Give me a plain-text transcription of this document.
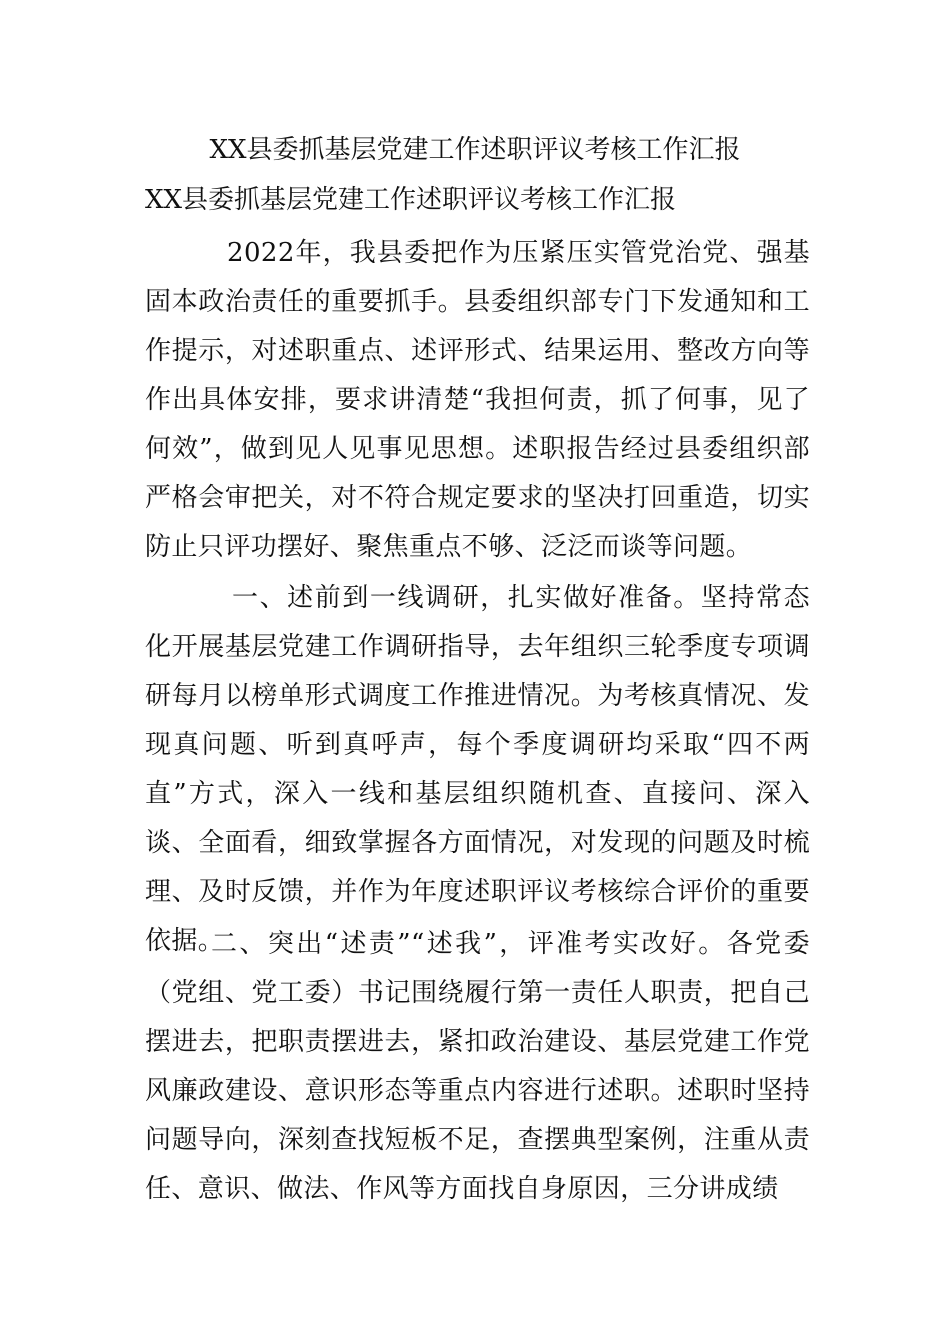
XX县委抓基层党建工作述职评议考核工作汇报
XX县委抓基层党建工作述职评议考核工作汇报

2022年，我县委把作为压紧压实管党治党、强基固本政治责任的重要抓手。县委组织部专门下发通知和工作提示，对述职重点、述评形式、结果运用、整改方向等作出具体安排，要求讲清楚“我担何责，抓了何事，见了何效”，做到见人见事见思想。述职报告经过县委组织部严格会审把关，对不符合规定要求的坚决打回重造，切实防止只评功摆好、聚焦重点不够、泛泛而谈等问题。

一、述前到一线调研，扎实做好准备。坚持常态化开展基层党建工作调研指导，去年组织三轮季度专项调研每月以榜单形式调度工作推进情况。为考核真情况、发现真问题、听到真呼声，每个季度调研均采取“四不两直”方式，深入一线和基层组织随机查、直接问、深入谈、全面看，细致掌握各方面情况，对发现的问题及时梳理、及时反馈，并作为年度述职评议考核综合评价的重要依据。

二、突出“述责”“述我”，评准考实改好。各党委（党组、党工委）书记围绕履行第一责任人职责，把自己摆进去，把职责摆进去，紧扣政治建设、基层党建工作党风廉政建设、意识形态等重点内容进行述职。述职时坚持问题导向，深刻查找短板不足，查摆典型案例，注重从责任、意识、做法、作风等方面找自身原因，三分讲成绩
